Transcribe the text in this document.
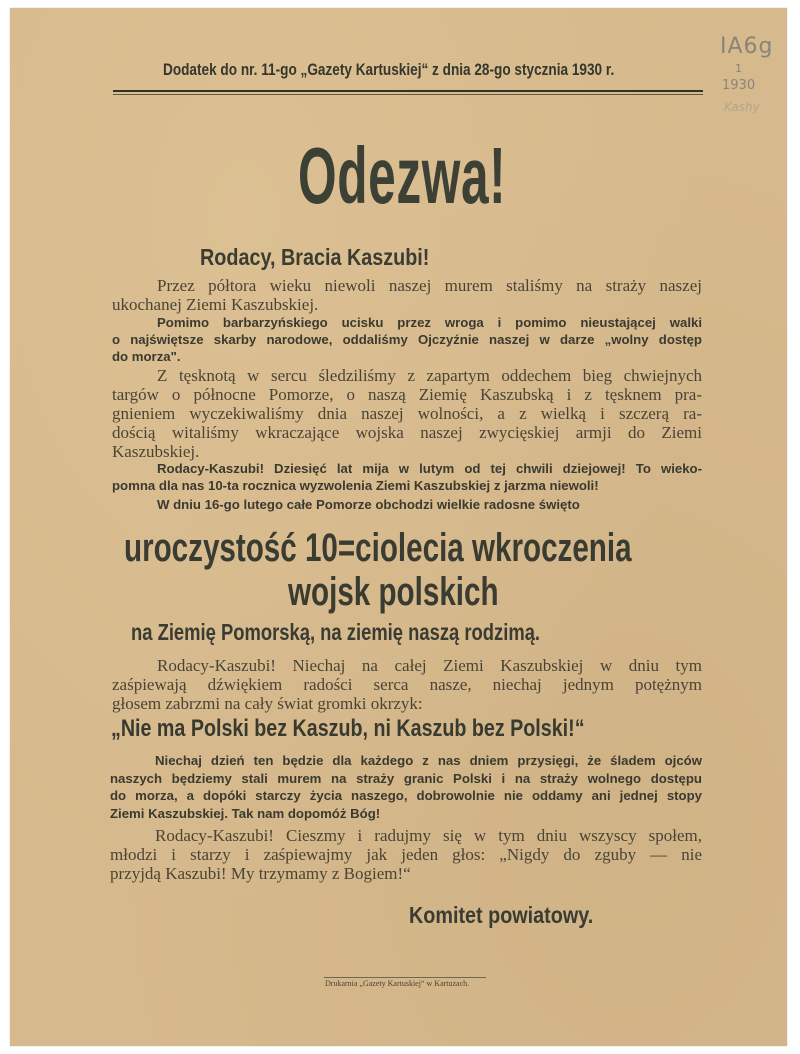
IA6g
1
1930
Kashy
Dodatek do nr. 11-go „Gazety Kartuskiej“ z dnia 28-go stycznia 1930 r.
Odezwa!
Rodacy, Bracia Kaszubi!
Przez półtora wieku niewoli naszej murem staliśmy na straży naszej
ukochanej Ziemi Kaszubskiej.
Pomimo barbarzyńskiego ucisku przez wroga i pomimo nieustającej walki
o najświętsze skarby narodowe, oddaliśmy Ojczyźnie naszej w darze „wolny dostęp
do morza".
Z tęsknotą w sercu śledziliśmy z zapartym oddechem bieg chwiejnych
targów o północne Pomorze, o naszą Ziemię Kaszubską i z tęsknem pra-
gnieniem wyczekiwaliśmy dnia naszej wolności, a z wielką i szczerą ra-
dością witaliśmy wkraczające wojska naszej zwycięskiej armji do Ziemi
Kaszubskiej.
Rodacy-Kaszubi! Dziesięć lat mija w lutym od tej chwili dziejowej! To wieko-
pomna dla nas 10-ta rocznica wyzwolenia Ziemi Kaszubskiej z jarzma niewoli!
W dniu 16-go lutego całe Pomorze obchodzi wielkie radosne święto
uroczystość 10=ciolecia wkroczenia
wojsk polskich
na Ziemię Pomorską, na ziemię naszą rodzimą.
Rodacy-Kaszubi! Niechaj na całej Ziemi Kaszubskiej w dniu tym
zaśpiewają dźwiękiem radości serca nasze, niechaj jednym potężnym
głosem zabrzmi na cały świat gromki okrzyk:
„Nie ma Polski bez Kaszub, ni Kaszub bez Polski!“
Niechaj dzień ten będzie dla każdego z nas dniem przysięgi, że śladem ojców
naszych będziemy stali murem na straży granic Polski i na straży wolnego dostępu
do morza, a dopóki starczy życia naszego, dobrowolnie nie oddamy ani jednej stopy
Ziemi Kaszubskiej. Tak nam dopomóż Bóg!
Rodacy-Kaszubi! Cieszmy i radujmy się w tym dniu wszyscy społem,
młodzi i starzy i zaśpiewajmy jak jeden głos: „Nigdy do zguby — nie
przyjdą Kaszubi! My trzymamy z Bogiem!“
Komitet powiatowy.
Drukarnia „Gazety Kartuskiej“ w Kartuzach.
